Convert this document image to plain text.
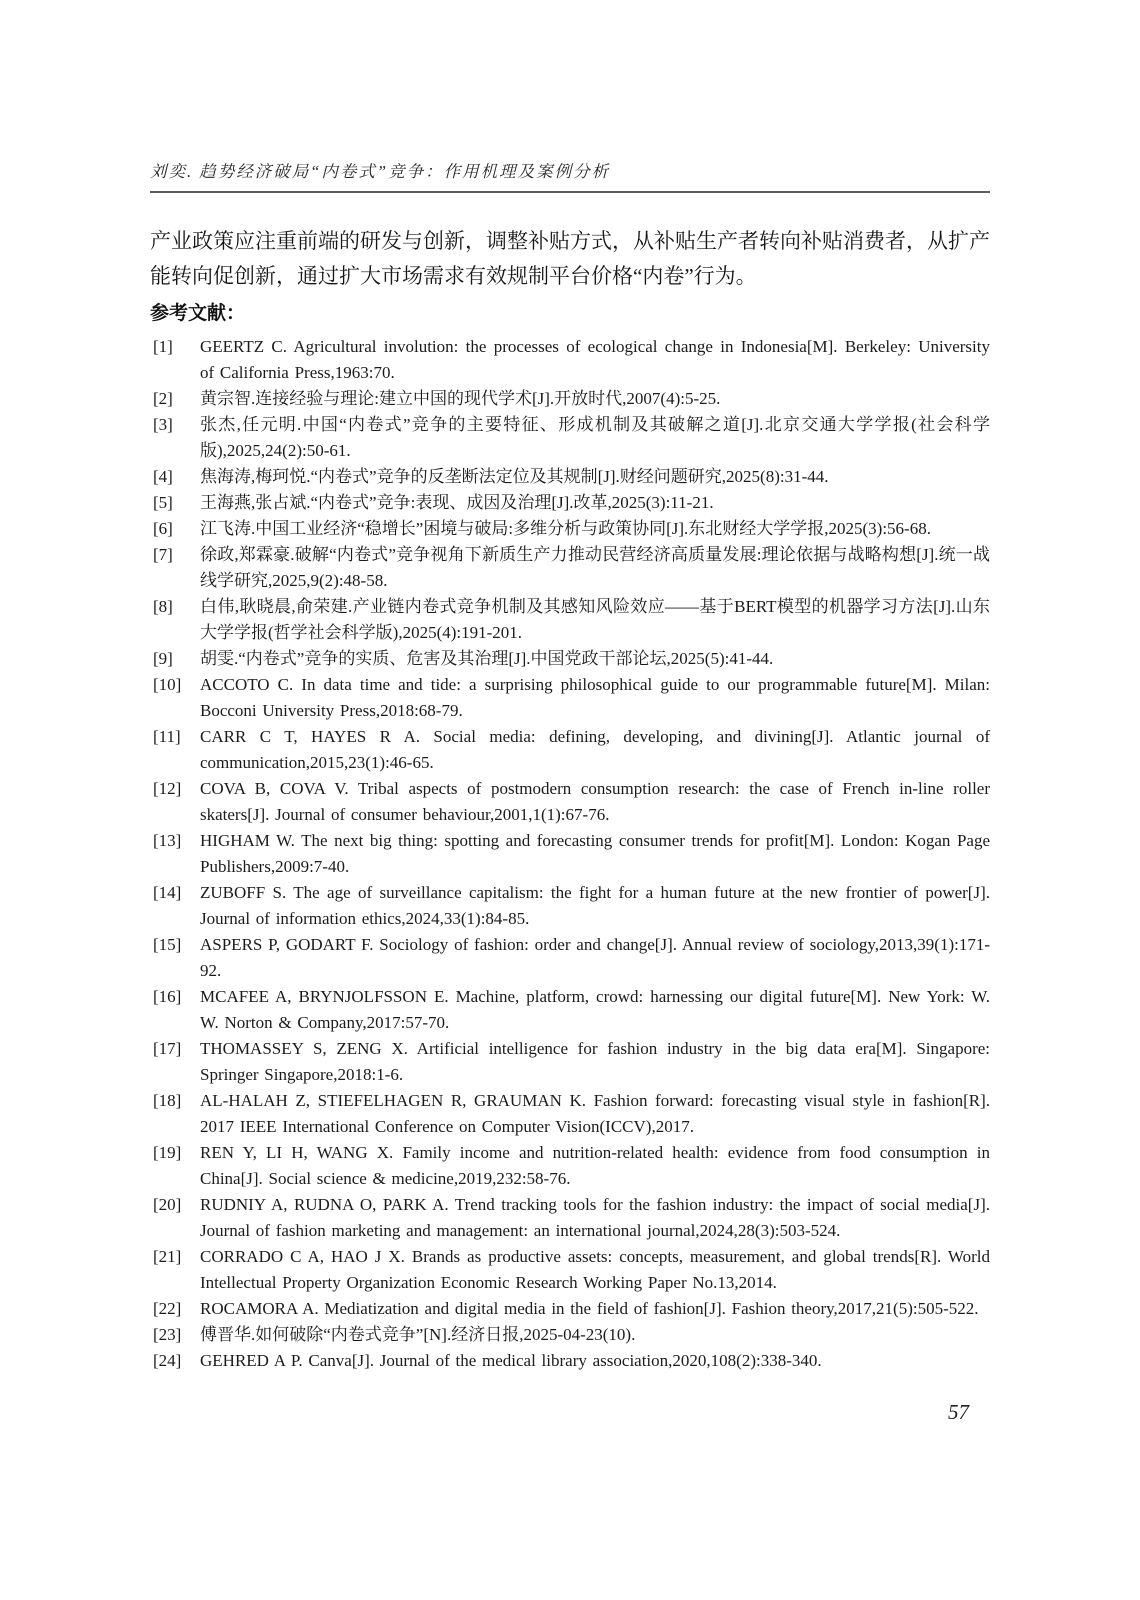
刘奕. 趋势经济破局“内卷式”竞争：作用机理及案例分析

产业政策应注重前端的研发与创新，调整补贴方式，从补贴生产者转向补贴消费者，从扩产能转向促创新，通过扩大市场需求有效规制平台价格“内卷”行为。

参考文献：
[1] GEERTZ C. Agricultural involution: the processes of ecological change in Indonesia[M]. Berkeley: University of California Press,1963:70.
[2] 黄宗智.连接经验与理论:建立中国的现代学术[J].开放时代,2007(4):5-25.
[3] 张杰,任元明.中国“内卷式”竞争的主要特征、形成机制及其破解之道[J].北京交通大学学报(社会科学版),2025,24(2):50-61.
[4] 焦海涛,梅珂悦.“内卷式”竞争的反垄断法定位及其规制[J].财经问题研究,2025(8):31-44.
[5] 王海燕,张占斌.“内卷式”竞争:表现、成因及治理[J].改革,2025(3):11-21.
[6] 江飞涛.中国工业经济“稳增长”困境与破局:多维分析与政策协同[J].东北财经大学学报,2025(3):56-68.
[7] 徐政,郑霖豪.破解“内卷式”竞争视角下新质生产力推动民营经济高质量发展:理论依据与战略构想[J].统一战线学研究,2025,9(2):48-58.
[8] 白伟,耿晓晨,俞荣建.产业链内卷式竞争机制及其感知风险效应——基于BERT模型的机器学习方法[J].山东大学学报(哲学社会科学版),2025(4):191-201.
[9] 胡雯.“内卷式”竞争的实质、危害及其治理[J].中国党政干部论坛,2025(5):41-44.
[10] ACCOTO C. In data time and tide: a surprising philosophical guide to our programmable future[M]. Milan: Bocconi University Press,2018:68-79.
[11] CARR C T, HAYES R A. Social media: defining, developing, and divining[J]. Atlantic journal of communication,2015,23(1):46-65.
[12] COVA B, COVA V. Tribal aspects of postmodern consumption research: the case of French in-line roller skaters[J]. Journal of consumer behaviour,2001,1(1):67-76.
[13] HIGHAM W. The next big thing: spotting and forecasting consumer trends for profit[M]. London: Kogan Page Publishers,2009:7-40.
[14] ZUBOFF S. The age of surveillance capitalism: the fight for a human future at the new frontier of power[J]. Journal of information ethics,2024,33(1):84-85.
[15] ASPERS P, GODART F. Sociology of fashion: order and change[J]. Annual review of sociology,2013,39(1):171-92.
[16] MCAFEE A, BRYNJOLFSSON E. Machine, platform, crowd: harnessing our digital future[M]. New York: W. W. Norton & Company,2017:57-70.
[17] THOMASSEY S, ZENG X. Artificial intelligence for fashion industry in the big data era[M]. Singapore: Springer Singapore,2018:1-6.
[18] AL-HALAH Z, STIEFELHAGEN R, GRAUMAN K. Fashion forward: forecasting visual style in fashion[R]. 2017 IEEE International Conference on Computer Vision(ICCV),2017.
[19] REN Y, LI H, WANG X. Family income and nutrition-related health: evidence from food consumption in China[J]. Social science & medicine,2019,232:58-76.
[20] RUDNIY A, RUDNA O, PARK A. Trend tracking tools for the fashion industry: the impact of social media[J]. Journal of fashion marketing and management: an international journal,2024,28(3):503-524.
[21] CORRADO C A, HAO J X. Brands as productive assets: concepts, measurement, and global trends[R]. World Intellectual Property Organization Economic Research Working Paper No.13,2014.
[22] ROCAMORA A. Mediatization and digital media in the field of fashion[J]. Fashion theory,2017,21(5):505-522.
[23] 傅晋华.如何破除“内卷式竞争”[N].经济日报,2025-04-23(10).
[24] GEHRED A P. Canva[J]. Journal of the medical library association,2020,108(2):338-340.
57
